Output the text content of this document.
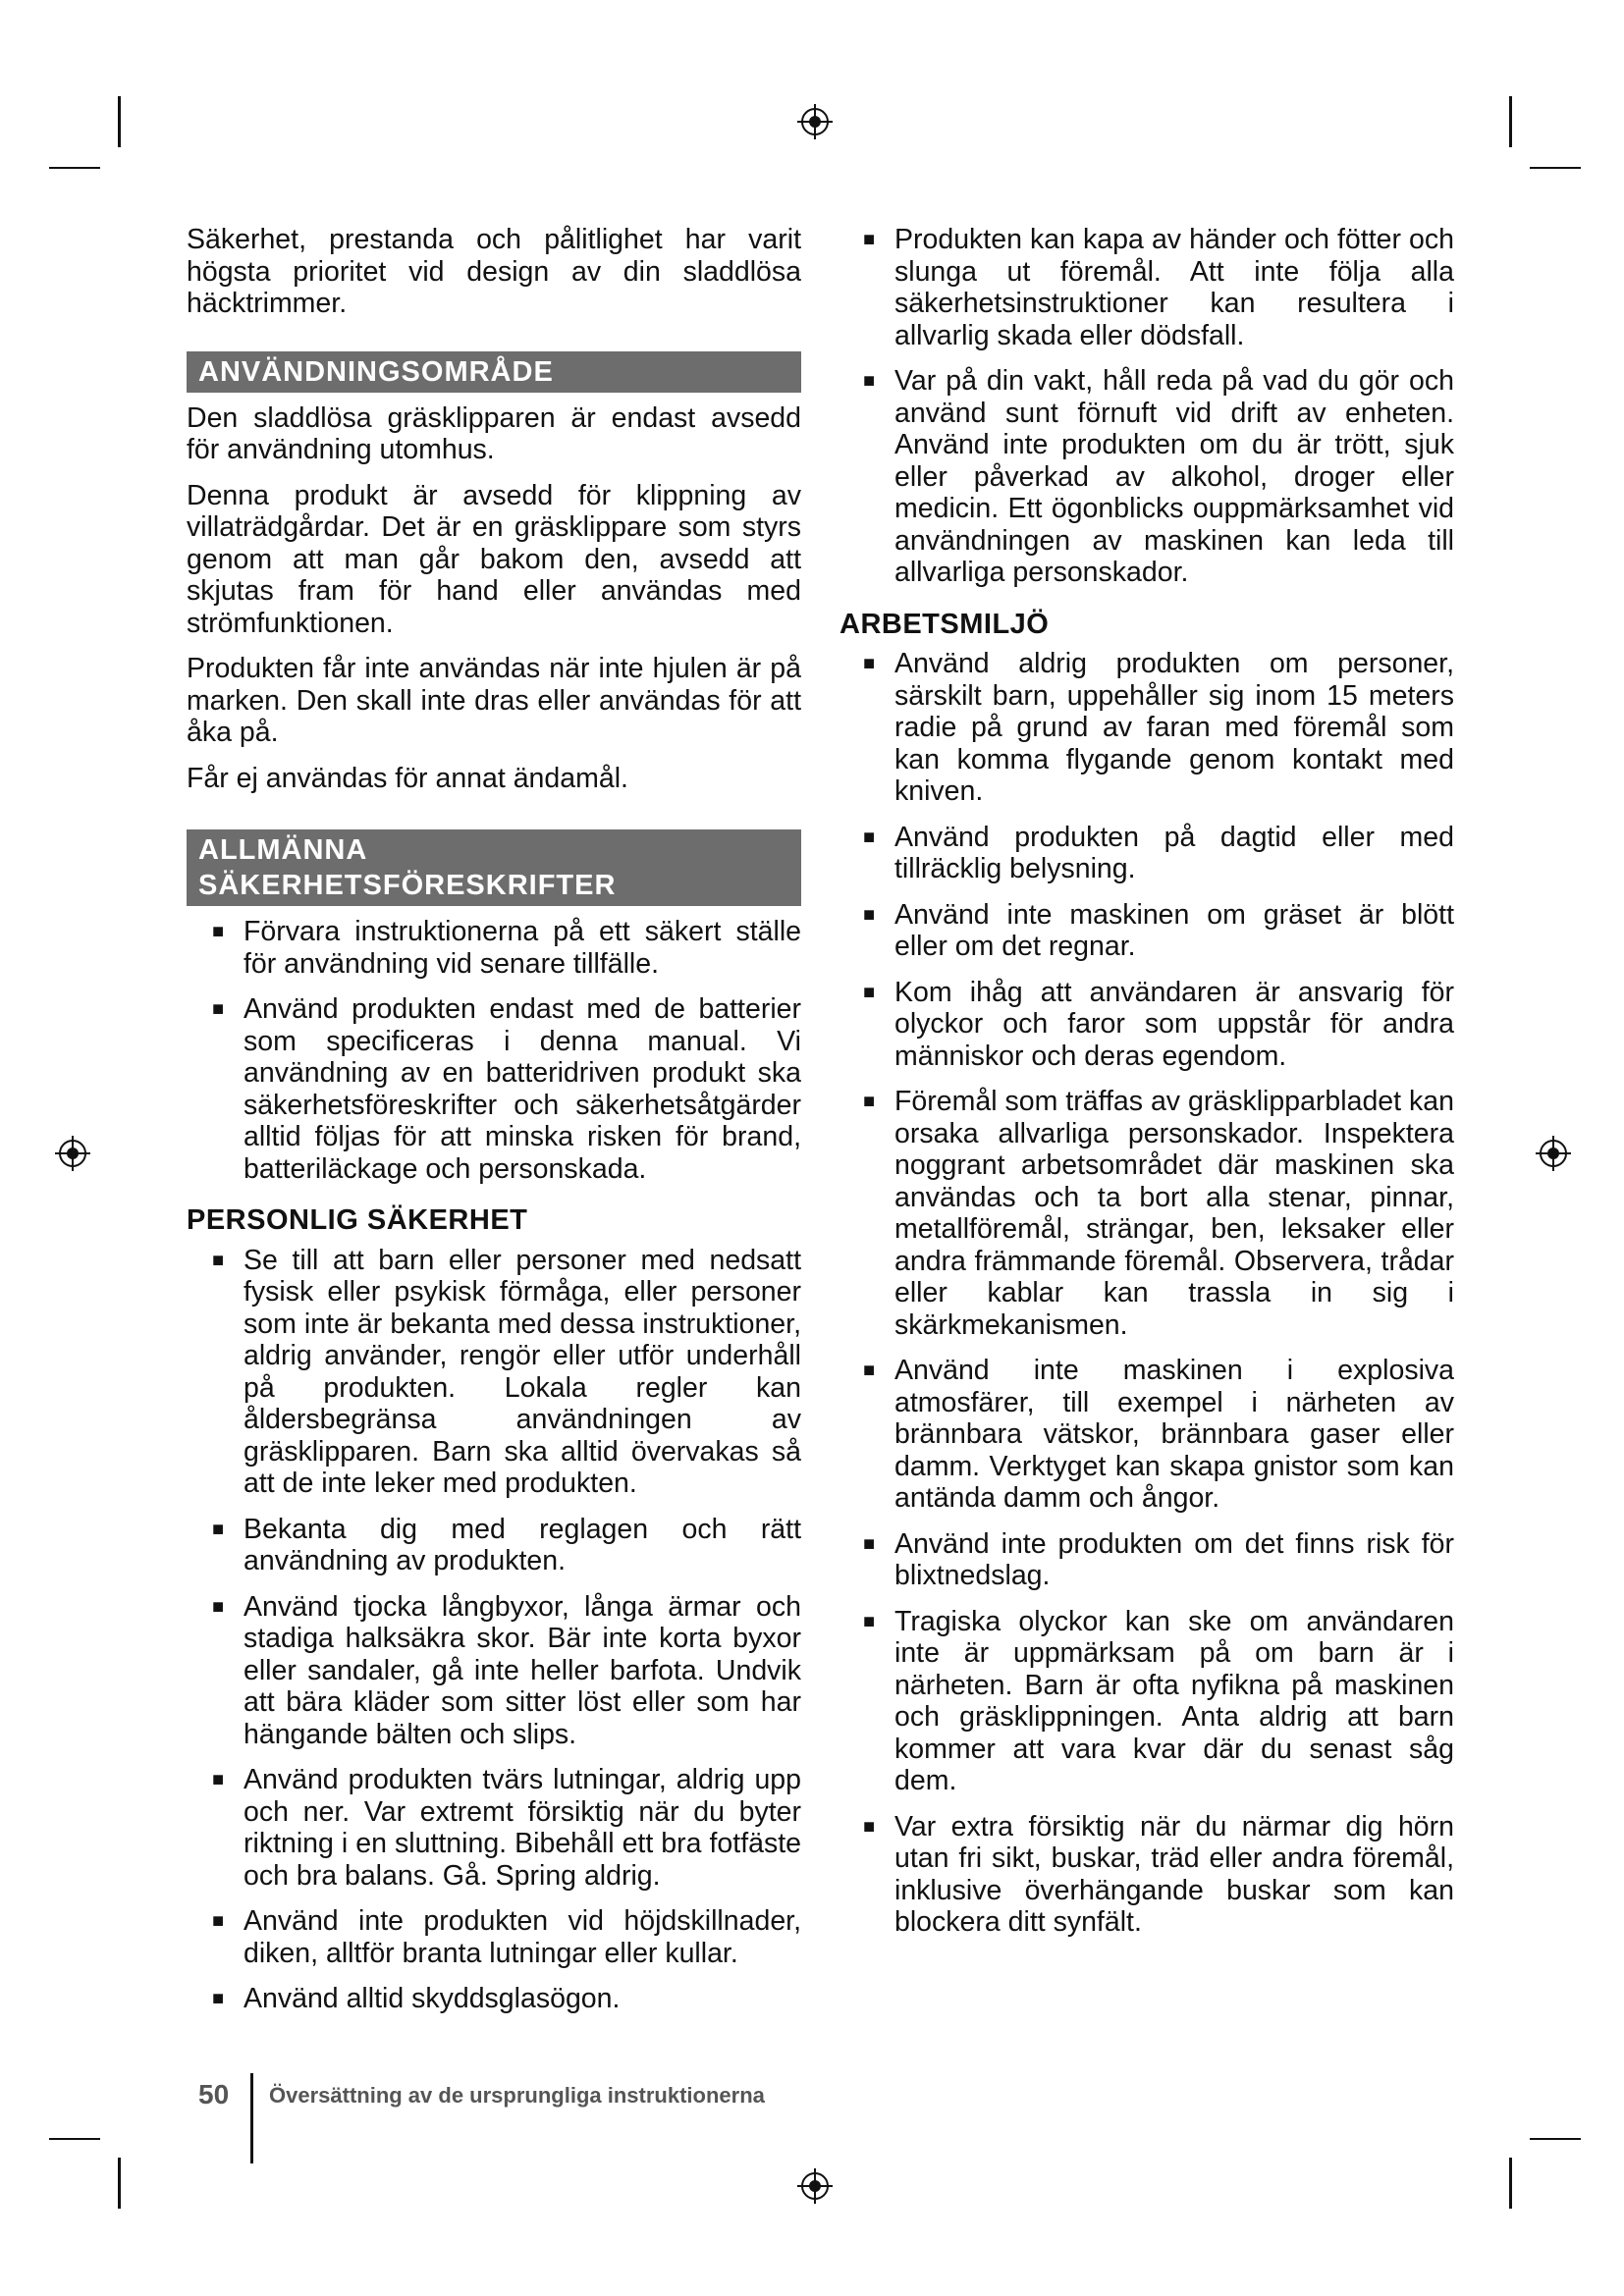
Säkerhet, prestanda och pålitlighet har varit högsta prioritet vid design av din sladdlösa häcktrimmer.

ANVÄNDNINGSOMRÅDE

Den sladdlösa gräsklipparen är endast avsedd för användning utomhus.

Denna produkt är avsedd för klippning av villaträdgårdar. Det är en gräsklippare som styrs genom att man går bakom den, avsedd att skjutas fram för hand eller användas med strömfunktionen.

Produkten får inte användas när inte hjulen är på marken. Den skall inte dras eller användas för att åka på.

Får ej användas för annat ändamål.

ALLMÄNNA
SÄKERHETSFÖRESKRIFTER
■ Förvara instruktionerna på ett säkert ställe för användning vid senare tillfälle.
■ Använd produkten endast med de batterier som specificeras i denna manual. Vi användning av en batteridriven produkt ska säkerhetsföreskrifter och säkerhetsåtgärder alltid följas för att minska risken för brand, batteriläckage och personskada.
PERSONLIG SÄKERHET
■ Se till att barn eller personer med nedsatt fysisk eller psykisk förmåga, eller personer som inte är bekanta med dessa instruktioner, aldrig använder, rengör eller utför underhåll på produkten. Lokala regler kan åldersbegränsa användningen av gräsklipparen. Barn ska alltid övervakas så att de inte leker med produkten.
■ Bekanta dig med reglagen och rätt användning av produkten.
■ Använd tjocka långbyxor, långa ärmar och stadiga halksäkra skor. Bär inte korta byxor eller sandaler, gå inte heller barfota. Undvik att bära kläder som sitter löst eller som har hängande bälten och slips.
■ Använd produkten tvärs lutningar, aldrig upp och ner. Var extremt försiktig när du byter riktning i en sluttning. Bibehåll ett bra fotfäste och bra balans. Gå. Spring aldrig.
■ Använd inte produkten vid höjdskillnader, diken, alltför branta lutningar eller kullar.
■ Använd alltid skyddsglasögon.
■ Produkten kan kapa av händer och fötter och slunga ut föremål. Att inte följa alla säkerhetsinstruktioner kan resultera i allvarlig skada eller dödsfall.
■ Var på din vakt, håll reda på vad du gör och använd sunt förnuft vid drift av enheten. Använd inte produkten om du är trött, sjuk eller påverkad av alkohol, droger eller medicin. Ett ögonblicks ouppmärksamhet vid användningen av maskinen kan leda till allvarliga personskador.
ARBETSMILJÖ
■ Använd aldrig produkten om personer, särskilt barn, uppehåller sig inom 15 meters radie på grund av faran med föremål som kan komma flygande genom kontakt med kniven.
■ Använd produkten på dagtid eller med tillräcklig belysning.
■ Använd inte maskinen om gräset är blött eller om det regnar.
■ Kom ihåg att användaren är ansvarig för olyckor och faror som uppstår för andra människor och deras egendom.
■ Föremål som träffas av gräsklipparbladet kan orsaka allvarliga personskador. Inspektera noggrant arbetsområdet där maskinen ska användas och ta bort alla stenar, pinnar, metallföremål, strängar, ben, leksaker eller andra främmande föremål. Observera, trådar eller kablar kan trassla in sig i skärkmekanismen.
■ Använd inte maskinen i explosiva atmosfärer, till exempel i närheten av brännbara vätskor, brännbara gaser eller damm. Verktyget kan skapa gnistor som kan antända damm och ångor.
■ Använd inte produkten om det finns risk för blixtnedslag.
■ Tragiska olyckor kan ske om användaren inte är uppmärksam på om barn är i närheten. Barn är ofta nyfikna på maskinen och gräsklippningen. Anta aldrig att barn kommer att vara kvar där du senast såg dem.
■ Var extra försiktig när du närmar dig hörn utan fri sikt, buskar, träd eller andra föremål, inklusive överhängande buskar som kan blockera ditt synfält.
50 Översättning av de ursprungliga instruktionerna
